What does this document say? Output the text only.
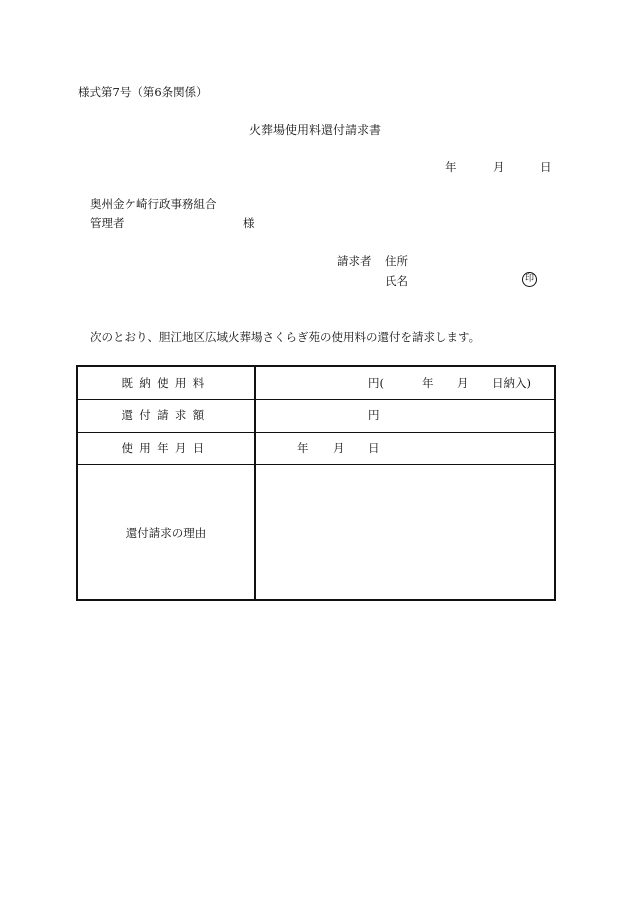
様式第7号（第6条関係）
火葬場使用料還付請求書
年	月	日
奥州金ケ崎行政事務組合
管理者	様
請求者 住所
氏名	印
次のとおり、胆江地区広域火葬場さくらぎ苑の使用料の還付を請求します。
既納使用料	円(	年 月 日納入)
還付請求額	円
使用年月日	年 月 日
還付請求の理由
